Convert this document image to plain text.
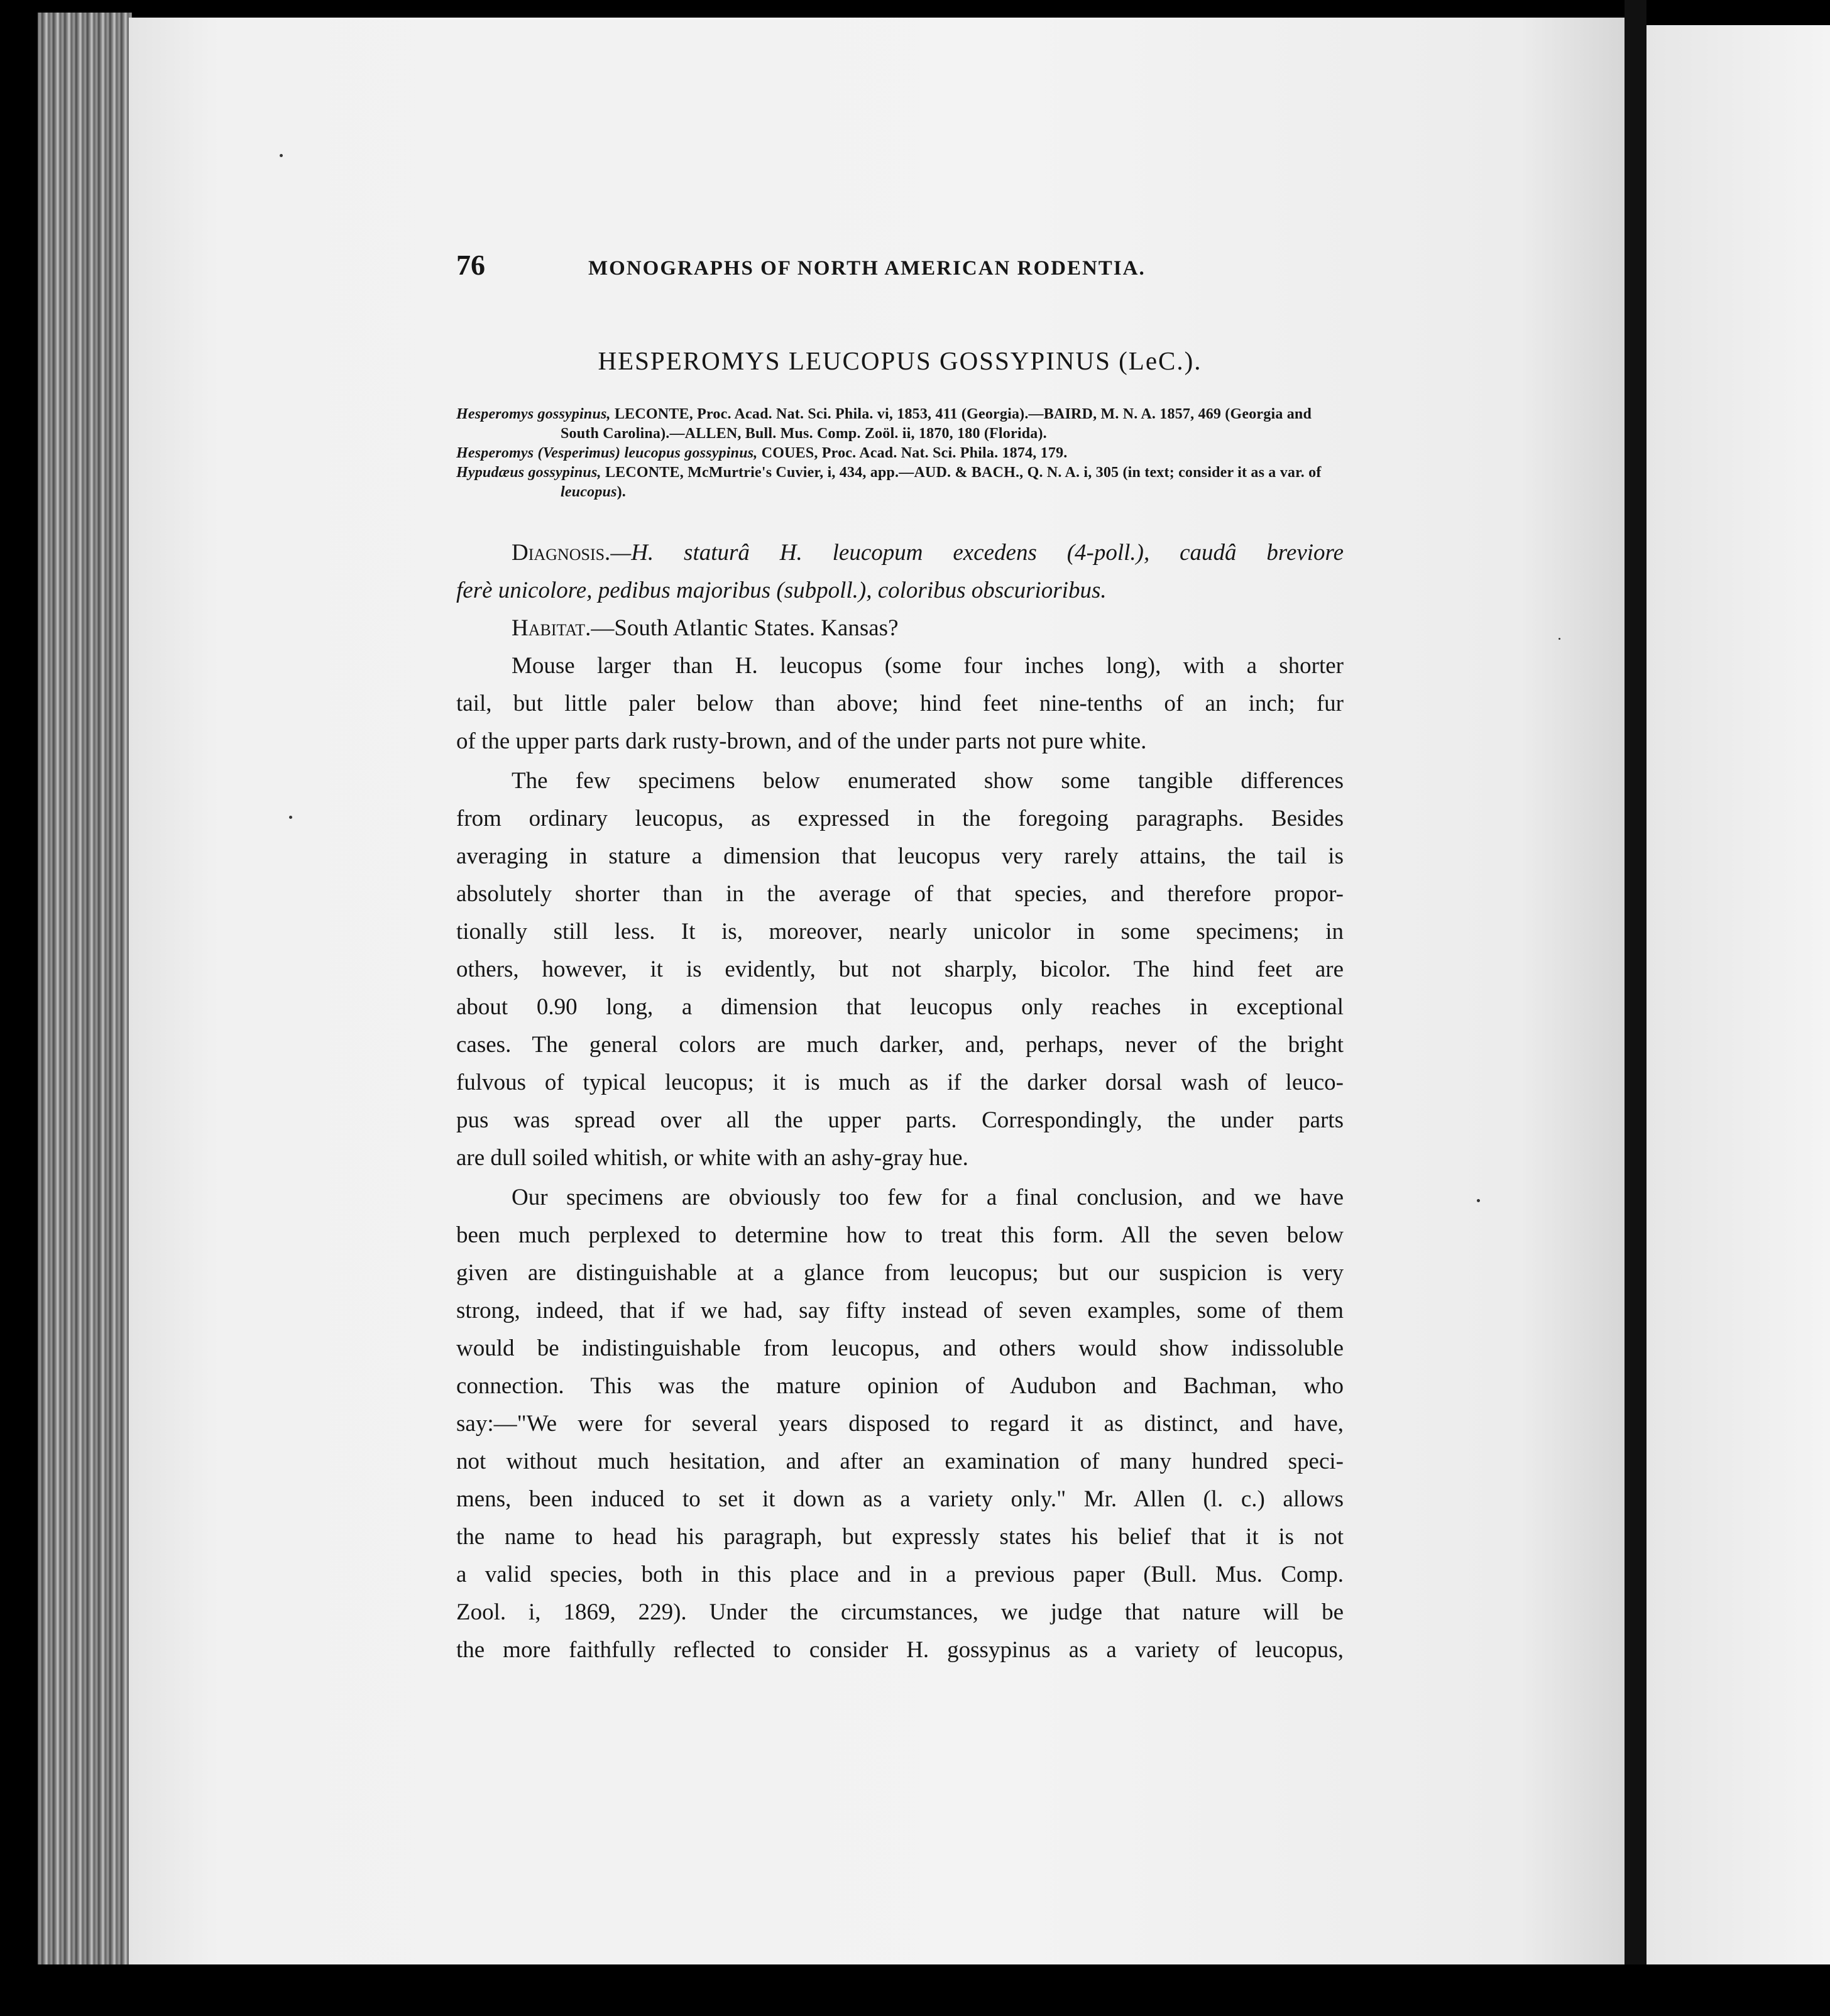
76	MONOGRAPHS OF NORTH AMERICAN RODENTIA.
HESPEROMYS LEUCOPUS GOSSYPINUS (LeC.).

Hesperomys gossypinus, LECONTE, Proc. Acad. Nat. Sci. Phila. vi, 1853, 411 (Georgia).—BAIRD, M. N. A. 1857, 469 (Georgia and South Carolina).—ALLEN, Bull. Mus. Comp. Zoöl. ii, 1870, 180 (Florida).

Hesperomys (Vesperimus) leucopus gossypinus, COUES, Proc. Acad. Nat. Sci. Phila. 1874, 179.

Hypudæus gossypinus, LECONTE, McMurtrie's Cuvier, i, 434, app.—AUD. & BACH., Q. N. A. i, 305 (in text; consider it as a var. of leucopus).

Diagnosis.—H. staturâ H. leucopum excedens (4-poll.), caudâ breviore

ferè unicolore, pedibus majoribus (subpoll.), coloribus obscurioribus.

Habitat.—South Atlantic States. Kansas?

Mouse larger than H. leucopus (some four inches long), with a shorter

tail, but little paler below than above; hind feet nine-tenths of an inch; fur
of the upper parts dark rusty-brown, and of the under parts not pure white.

The few specimens below enumerated show some tangible differences

from ordinary leucopus, as expressed in the foregoing paragraphs. Besides
averaging in stature a dimension that leucopus very rarely attains, the tail is
absolutely shorter than in the average of that species, and therefore propor-
tionally still less. It is, moreover, nearly unicolor in some specimens; in
others, however, it is evidently, but not sharply, bicolor. The hind feet are
about 0.90 long, a dimension that leucopus only reaches in exceptional
cases. The general colors are much darker, and, perhaps, never of the bright
fulvous of typical leucopus; it is much as if the darker dorsal wash of leuco-
pus was spread over all the upper parts. Correspondingly, the under parts
are dull soiled whitish, or white with an ashy-gray hue.

Our specimens are obviously too few for a final conclusion, and we have

been much perplexed to determine how to treat this form. All the seven below
given are distinguishable at a glance from leucopus; but our suspicion is very
strong, indeed, that if we had, say fifty instead of seven examples, some of them
would be indistinguishable from leucopus, and others would show indissoluble
connection. This was the mature opinion of Audubon and Bachman, who
say:—"We were for several years disposed to regard it as distinct, and have,
not without much hesitation, and after an examination of many hundred speci-
mens, been induced to set it down as a variety only." Mr. Allen (l. c.) allows
the name to head his paragraph, but expressly states his belief that it is not
a valid species, both in this place and in a previous paper (Bull. Mus. Comp.
Zool. i, 1869, 229). Under the circumstances, we judge that nature will be
the more faithfully reflected to consider H. gossypinus as a variety of leucopus,
